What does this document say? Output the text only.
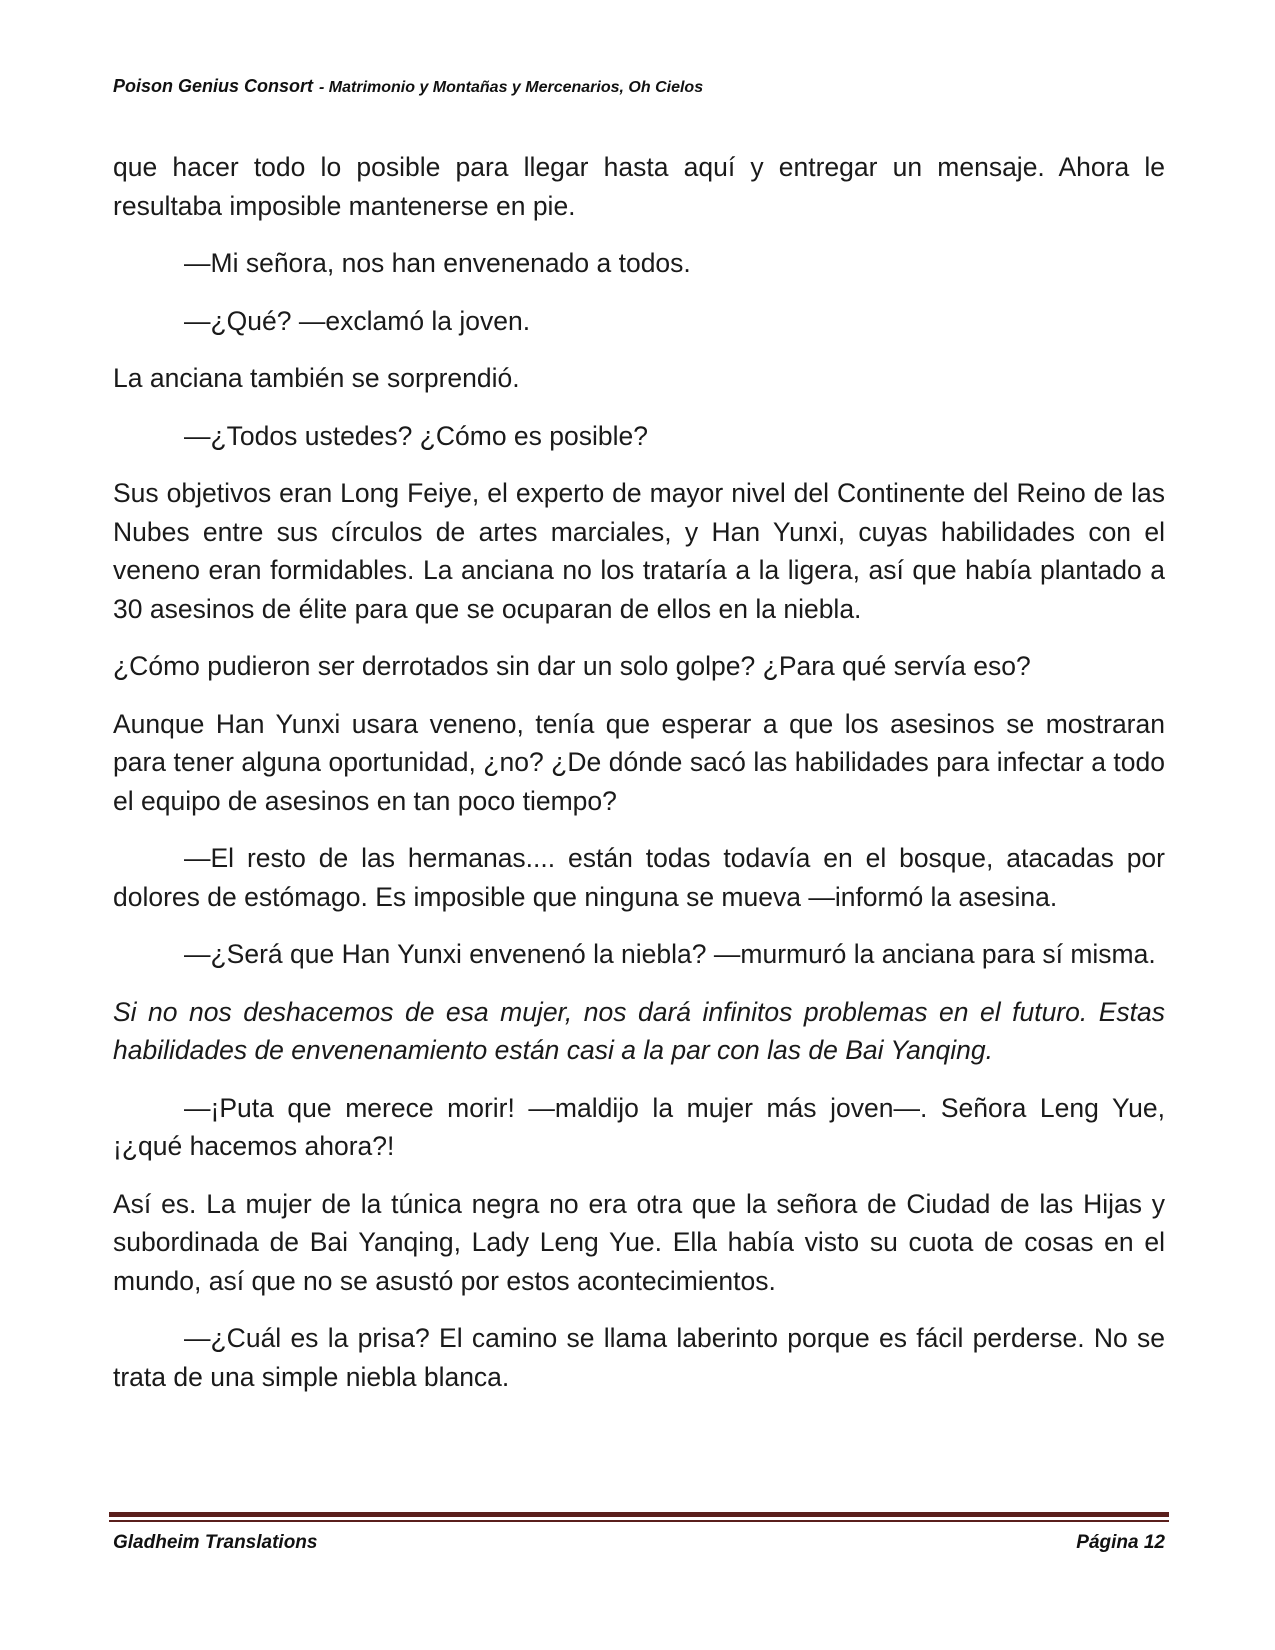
Poison Genius Consort - Matrimonio y Montañas y Mercenarios, Oh Cielos

que hacer todo lo posible para llegar hasta aquí y entregar un mensaje. Ahora le resultaba imposible mantenerse en pie.

—Mi señora, nos han envenenado a todos.

—¿Qué? —exclamó la joven.

La anciana también se sorprendió.

—¿Todos ustedes? ¿Cómo es posible?

Sus objetivos eran Long Feiye, el experto de mayor nivel del Continente del Reino de las Nubes entre sus círculos de artes marciales, y Han Yunxi, cuyas habilidades con el veneno eran formidables. La anciana no los trataría a la ligera, así que había plantado a 30 asesinos de élite para que se ocuparan de ellos en la niebla.

¿Cómo pudieron ser derrotados sin dar un solo golpe? ¿Para qué servía eso?

Aunque Han Yunxi usara veneno, tenía que esperar a que los asesinos se mostraran para tener alguna oportunidad, ¿no? ¿De dónde sacó las habilidades para infectar a todo el equipo de asesinos en tan poco tiempo?

—El resto de las hermanas.... están todas todavía en el bosque, atacadas por dolores de estómago. Es imposible que ninguna se mueva —informó la asesina.

—¿Será que Han Yunxi envenenó la niebla? —murmuró la anciana para sí misma.

Si no nos deshacemos de esa mujer, nos dará infinitos problemas en el futuro. Estas habilidades de envenenamiento están casi a la par con las de Bai Yanqing.

—¡Puta que merece morir! —maldijo la mujer más joven—. Señora Leng Yue, ¡¿qué hacemos ahora?!

Así es. La mujer de la túnica negra no era otra que la señora de Ciudad de las Hijas y subordinada de Bai Yanqing, Lady Leng Yue. Ella había visto su cuota de cosas en el mundo, así que no se asustó por estos acontecimientos.

—¿Cuál es la prisa? El camino se llama laberinto porque es fácil perderse. No se trata de una simple niebla blanca.

Gladheim Translations	Página 12
